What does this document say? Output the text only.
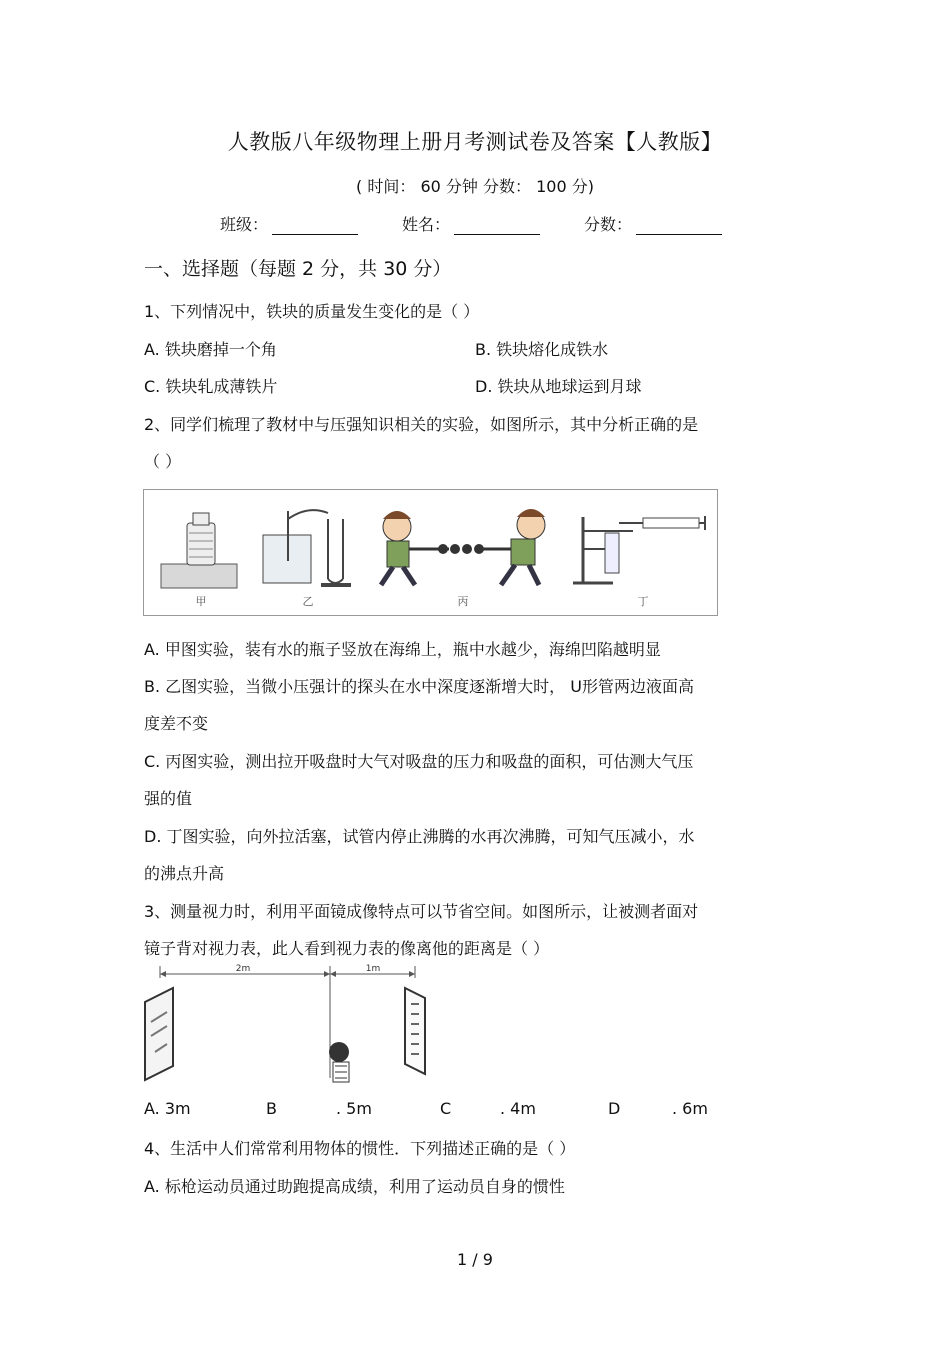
人教版八年级物理上册月考测试卷及答案【人教版】
( 时间： 60 分钟 分数： 100 分)
班级：	姓名：	分数：
一、选择题（每题 2 分，共 30 分）
1、下列情况中，铁块的质量发生变化的是（ ）
A. 铁块磨掉一个角	B. 铁块熔化成铁水
C. 铁块轧成薄铁片	D. 铁块从地球运到月球
2、同学们梳理了教材中与压强知识相关的实验，如图所示，其中分析正确的是
（ ）
甲	乙	丙	丁
A. 甲图实验，装有水的瓶子竖放在海绵上，瓶中水越少，海绵凹陷越明显
B. 乙图实验，当微小压强计的探头在水中深度逐渐增大时， U形管两边液面高
度差不变
C. 丙图实验，测出拉开吸盘时大气对吸盘的压力和吸盘的面积，可估测大气压
强的值
D. 丁图实验，向外拉活塞，试管内停止沸腾的水再次沸腾，可知气压减小，水
的沸点升高
3、测量视力时，利用平面镜成像特点可以节省空间。如图所示，让被测者面对
镜子背对视力表，此人看到视力表的像离他的距离是（ ）
2m	1m
A. 3m	B	. 5m	C	. 4m	D	. 6m
4、生活中人们常常利用物体的惯性．下列描述正确的是（ ）
A. 标枪运动员通过助跑提高成绩，利用了运动员自身的惯性
1 / 9
